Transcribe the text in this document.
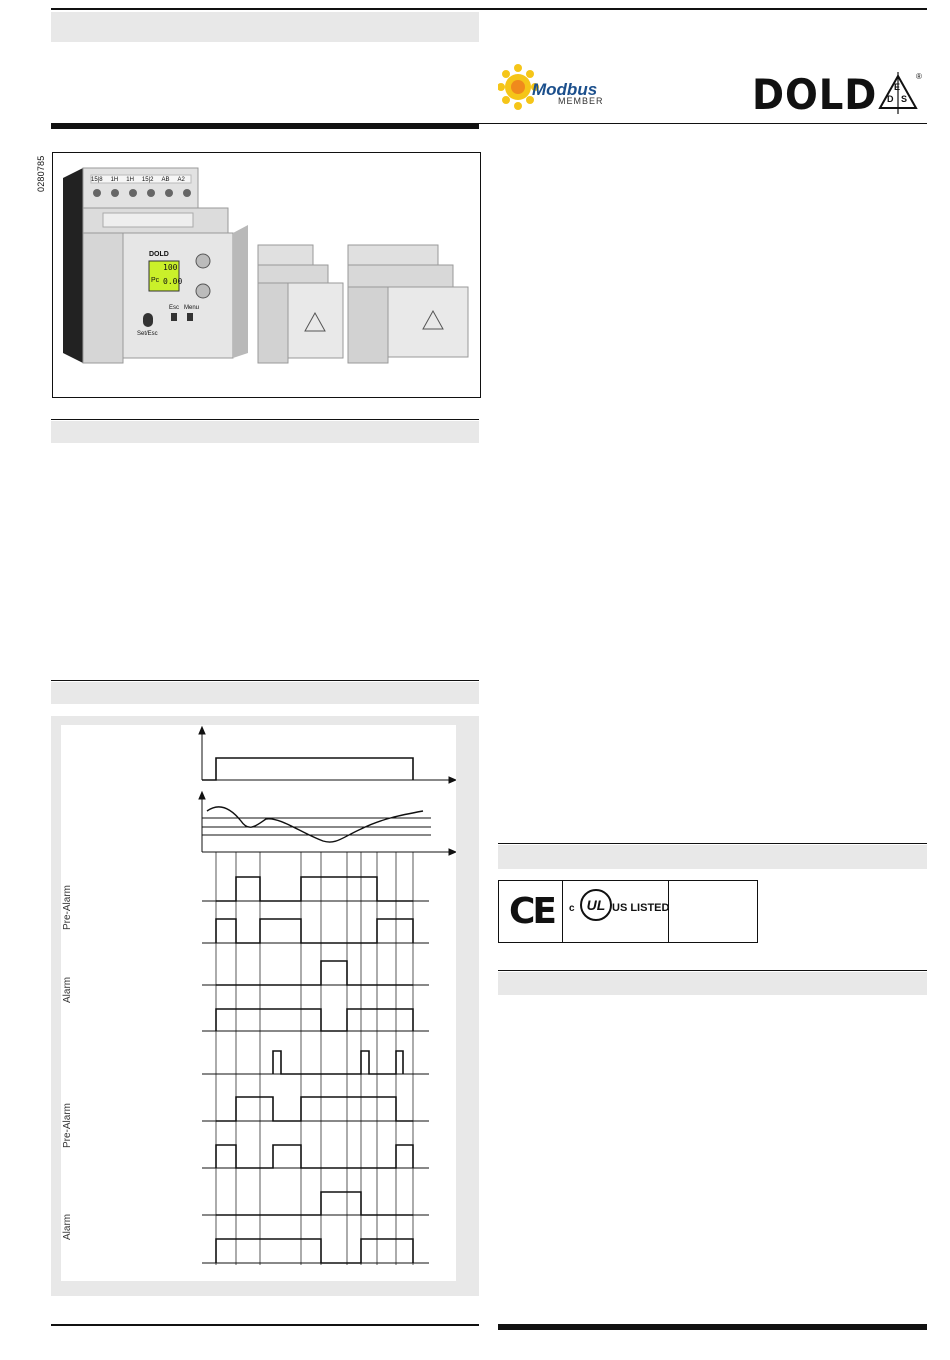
Modbus
MEMBER	DOLD E
D S
®
0280785	15|8 1H 1H 15|2 AB A2
DOLD
100
Pc 0.00
Esc Menu
Set/Esc
Pre-Alarm
Alarm
Pre-Alarm
Alarm
CE c UL US LISTED
